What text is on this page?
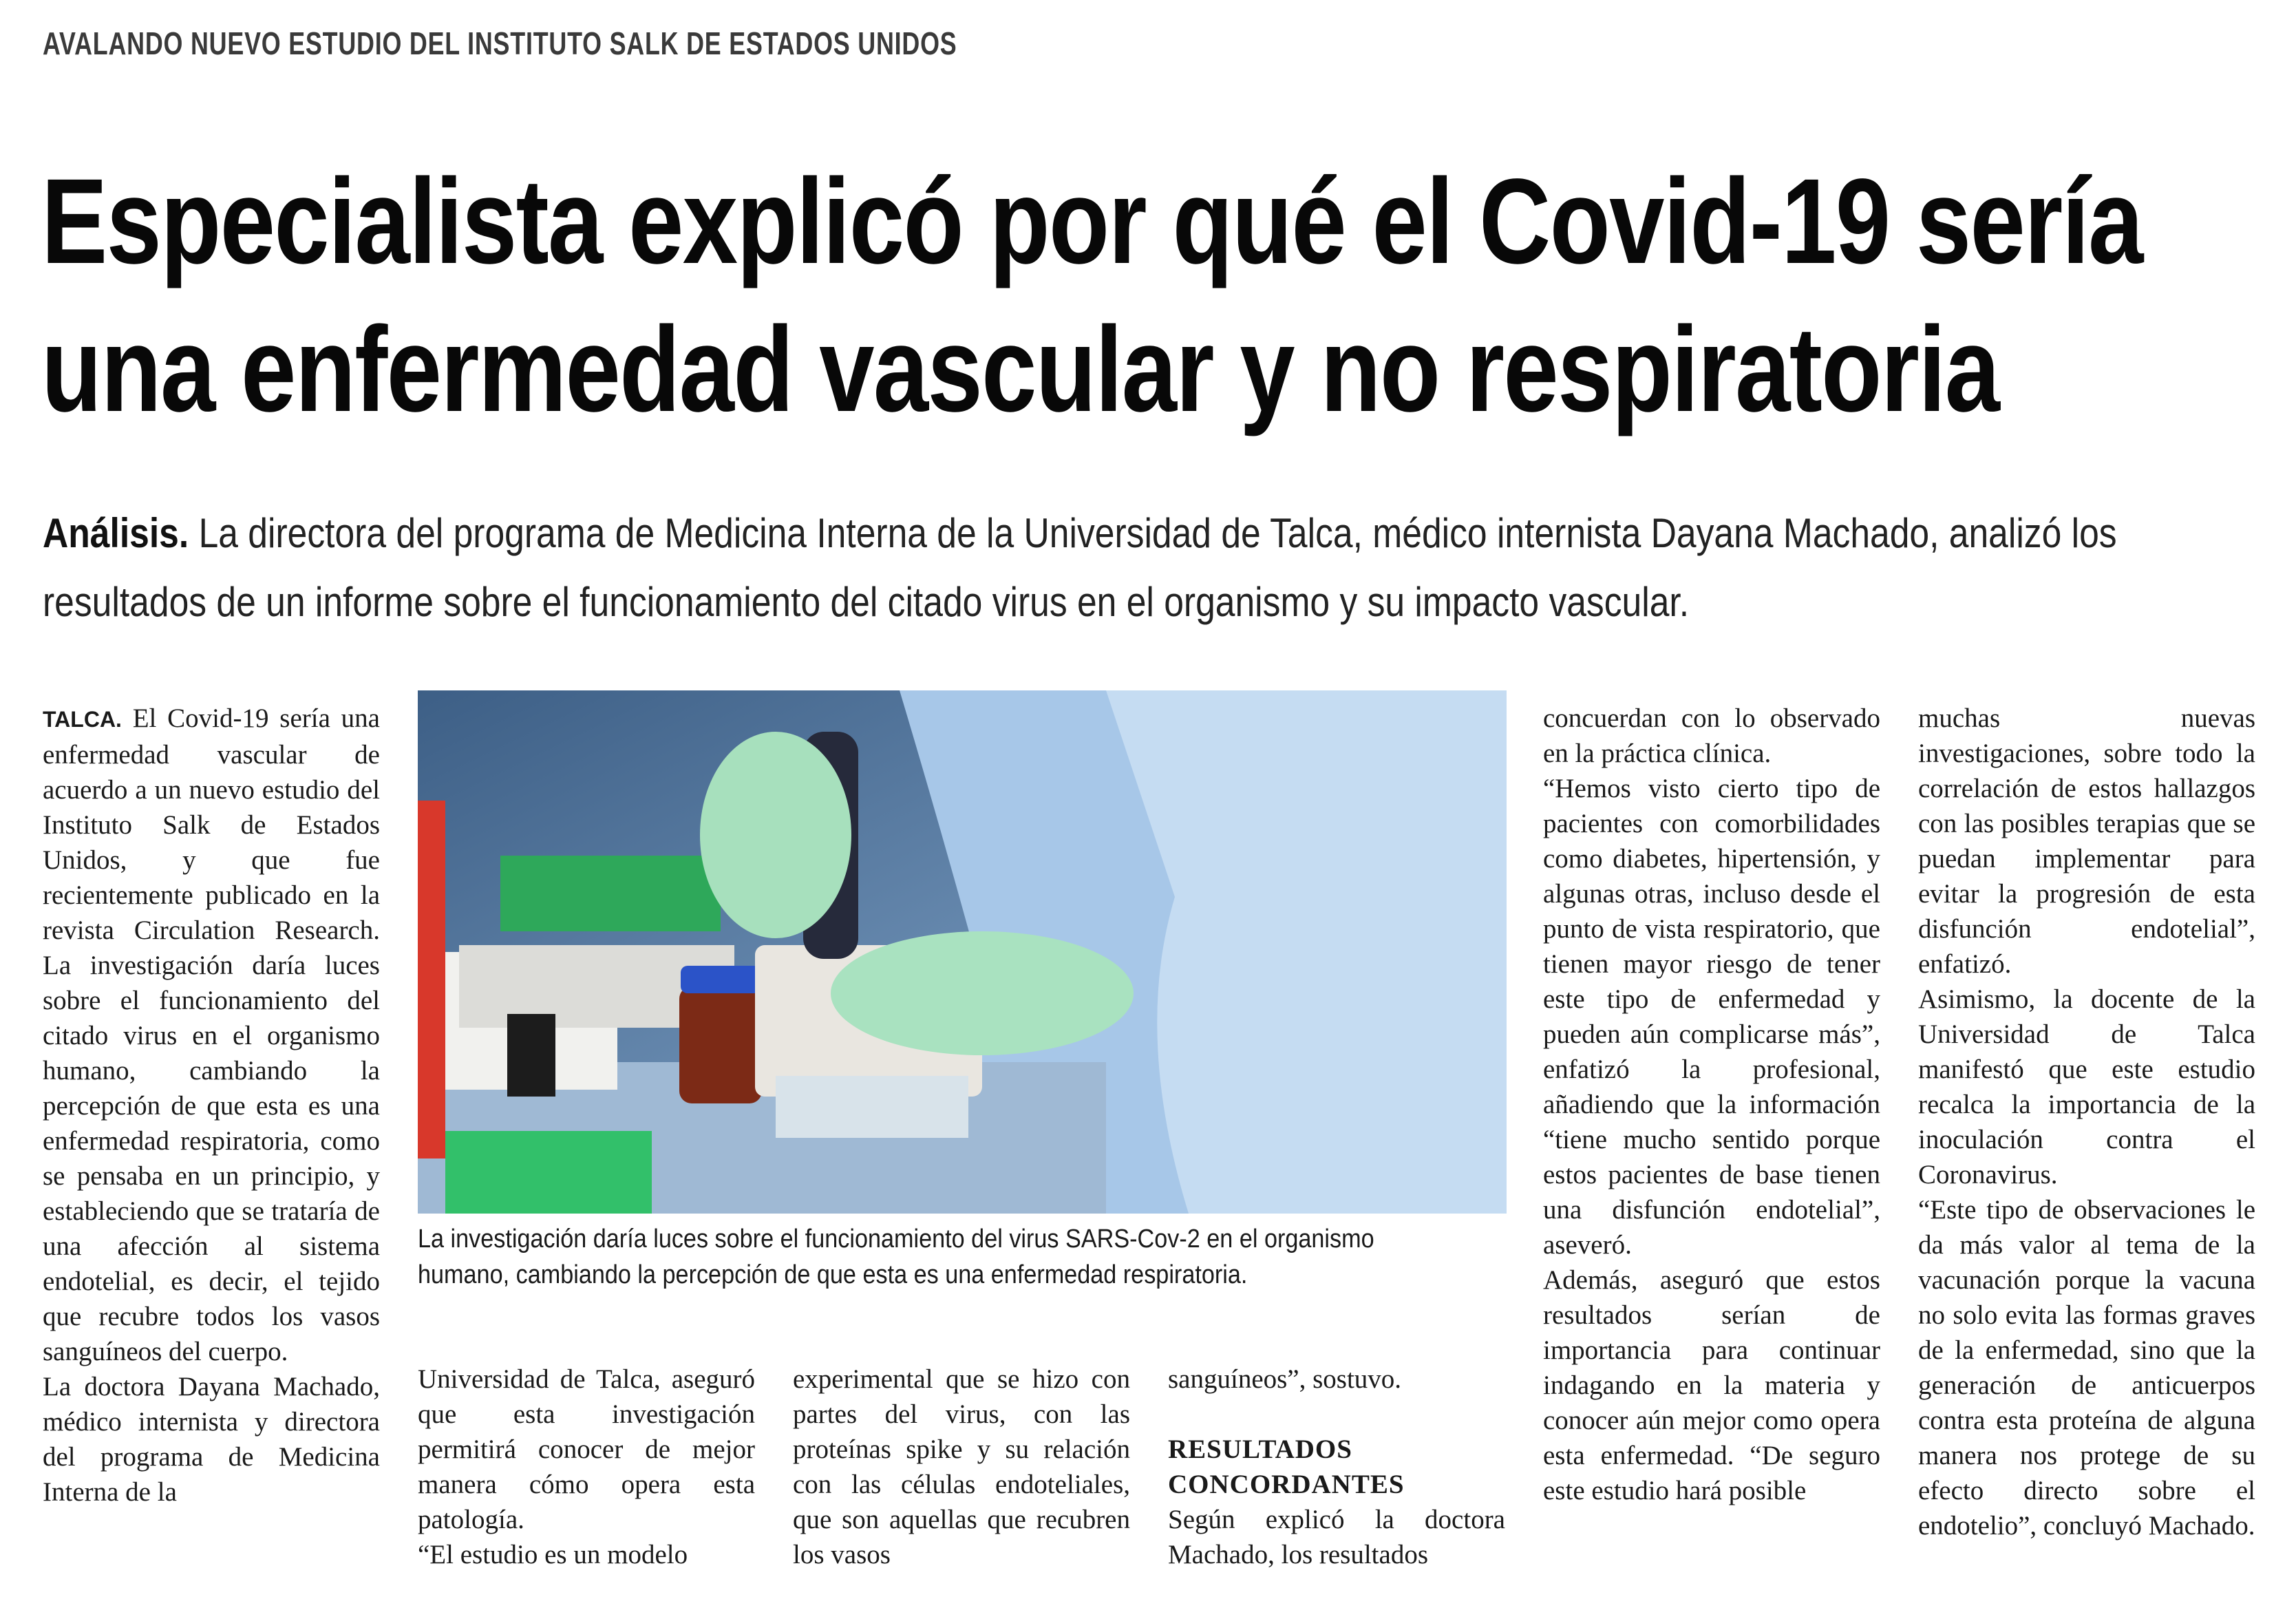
AVALANDO NUEVO ESTUDIO DEL INSTITUTO SALK DE ESTADOS UNIDOS
Especialista explicó por qué el Covid-19 sería
una enfermedad vascular y no respiratoria
Análisis. La directora del programa de Medicina Interna de la Universidad de Talca, médico internista Dayana Machado, analizó los resultados de un informe sobre el funcionamiento del citado virus en el organismo y su impacto vascular.

TALCA. El Covid-19 sería una enfermedad vascular de acuerdo a un nuevo estudio del Instituto Salk de Estados Unidos, y que fue recientemente publicado en la revista Circulation Research. La investigación daría luces sobre el funcionamiento del citado virus en el organismo humano, cambiando la percepción de que esta es una enfermedad respiratoria, como se pensaba en un principio, y estableciendo que se trataría de una afección al sistema endotelial, es decir, el tejido que recubre todos los vasos sanguíneos del cuerpo.

La doctora Dayana Machado, médico internista y directora del programa de Medicina Interna de la

La investigación daría luces sobre el funcionamiento del virus SARS-Cov-2 en el organismo humano, cambiando la percepción de que esta es una enfermedad respiratoria.

Universidad de Talca, aseguró que esta investigación permitirá conocer de mejor manera cómo opera esta patología.

“El estudio es un modelo

experimental que se hizo con partes del virus, con las proteínas spike y su relación con las células endoteliales, que son aquellas que recubren los vasos

sanguíneos”, sostuvo.

RESULTADOS CONCORDANTES

Según explicó la doctora Machado, los resultados

concuerdan con lo observado en la práctica clínica.

“Hemos visto cierto tipo de pacientes con comorbilidades como diabetes, hipertensión, y algunas otras, incluso desde el punto de vista respiratorio, que tienen mayor riesgo de tener este tipo de enfermedad y pueden aún complicarse más”, enfatizó la profesional, añadiendo que la información “tiene mucho sentido porque estos pacientes de base tienen una disfunción endotelial”, aseveró.

Además, aseguró que estos resultados serían de importancia para continuar indagando en la materia y conocer aún mejor como opera esta enfermedad. “De seguro este estudio hará posible

muchas nuevas investigaciones, sobre todo la correlación de estos hallazgos con las posibles terapias que se puedan implementar para evitar la progresión de esta disfunción endotelial”, enfatizó.

Asimismo, la docente de la Universidad de Talca manifestó que este estudio recalca la importancia de la inoculación contra el Coronavirus.

“Este tipo de observaciones le da más valor al tema de la vacunación porque la vacuna no solo evita las formas graves de la enfermedad, sino que la generación de anticuerpos contra esta proteína de alguna manera nos protege de su efecto directo sobre el endotelio”, concluyó Machado.
